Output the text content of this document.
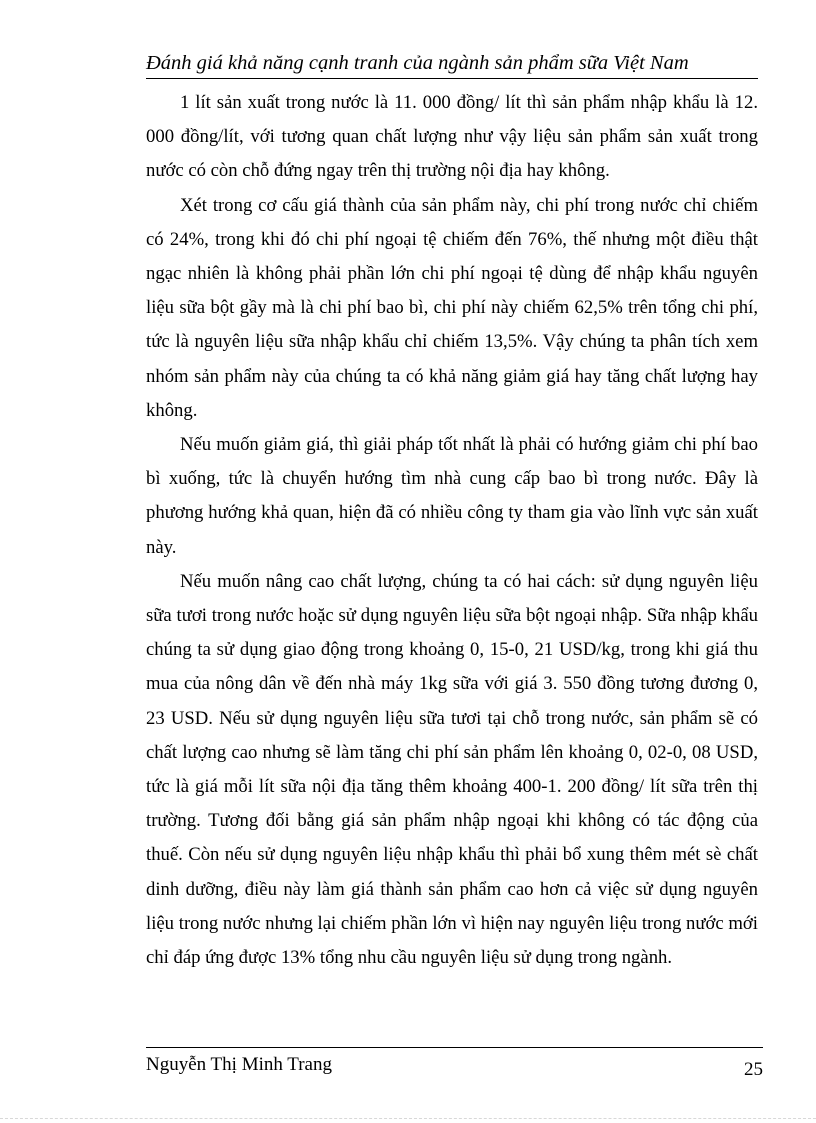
Đánh giá khả năng cạnh tranh của ngành sản phẩm sữa Việt Nam

1 lít sản xuất trong nước là 11. 000 đồng/ lít thì sản phẩm nhập khẩu là 12. 000 đồng/lít, với tương quan chất lượng như vậy liệu sản phẩm sản xuất trong nước có còn chỗ đứng ngay trên thị trường nội địa hay không.

Xét trong cơ cấu giá thành của sản phẩm này, chi phí trong nước chỉ chiếm có 24%, trong khi đó chi phí ngoại tệ chiếm đến 76%, thế nhưng một điều thật ngạc nhiên là không phải phần lớn chi phí ngoại tệ dùng để nhập khẩu nguyên liệu sữa bột gầy mà là chi phí bao bì, chi phí này chiếm 62,5% trên tổng chi phí, tức là nguyên liệu sữa nhập khẩu chỉ chiếm 13,5%. Vậy chúng ta phân tích xem nhóm sản phẩm này của chúng ta có khả năng giảm giá hay tăng chất lượng hay không.

Nếu muốn giảm giá, thì giải pháp tốt nhất là phải có hướng giảm chi phí bao bì xuống, tức là chuyển hướng tìm nhà cung cấp bao bì trong nước. Đây là phương hướng khả quan, hiện đã có nhiều công ty tham gia vào lĩnh vực sản xuất này.

Nếu muốn nâng cao chất lượng, chúng ta có hai cách: sử dụng nguyên liệu sữa tươi trong nước hoặc sử dụng nguyên liệu sữa bột ngoại nhập. Sữa nhập khẩu chúng ta sử dụng giao động trong khoảng 0, 15-0, 21 USD/kg, trong khi giá thu mua của nông dân về đến nhà máy 1kg sữa với giá 3. 550 đồng tương đương 0, 23 USD. Nếu sử dụng nguyên liệu sữa tươi tại chỗ trong nước, sản phẩm sẽ có chất lượng cao nhưng sẽ làm tăng chi phí sản phẩm lên khoảng 0, 02-0, 08 USD, tức là giá mỗi lít sữa nội địa tăng thêm khoảng 400-1. 200 đồng/ lít sữa trên thị trường. Tương đối bằng giá sản phẩm nhập ngoại khi không có tác động của thuế. Còn nếu sử dụng nguyên liệu nhập khẩu thì phải bổ xung thêm mét sè chất dinh dưỡng, điều này làm giá thành sản phẩm cao hơn cả việc sử dụng nguyên liệu trong nước nhưng lại chiếm phần lớn vì hiện nay nguyên liệu trong nước mới chỉ đáp ứng được 13% tổng nhu cầu nguyên liệu sử dụng trong ngành.

Nguyễn Thị Minh Trang	25
